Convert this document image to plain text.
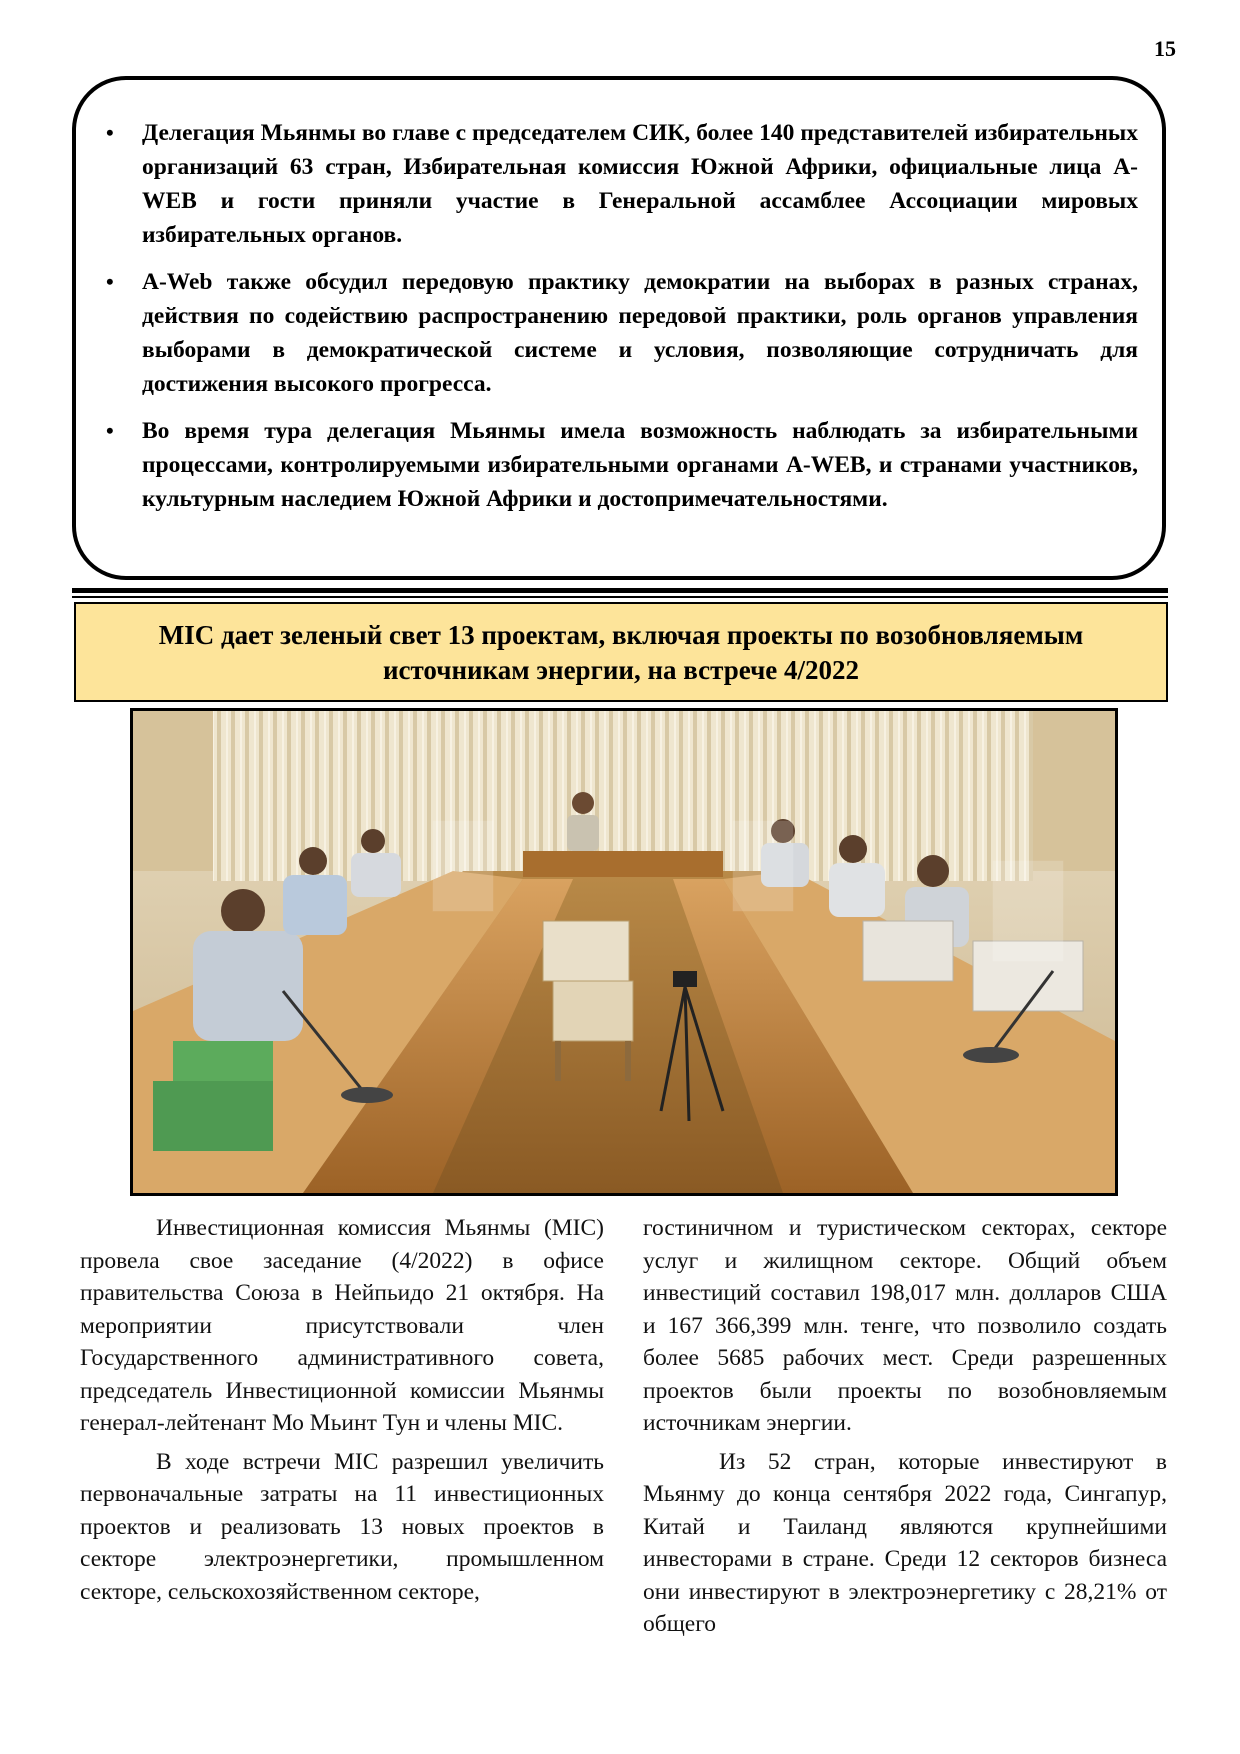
15
•	Делегация Мьянмы во главе с председателем СИК, более 140 представителей избирательных организаций 63 стран, Избирательная комиссия Южной Африки, официальные лица A-WEB и гости приняли участие в Генеральной ассамблее Ассоциации мировых избирательных органов.
•	A-Web также обсудил передовую практику демократии на выборах в разных странах, действия по содействию распространению передовой практики, роль органов управления выборами в демократической системе и условия, позволяющие сотрудничать для достижения высокого прогресса.
•	Во время тура делегация Мьянмы имела возможность наблюдать за избирательными процессами, контролируемыми избирательными органами A-WEB, и странами участников, культурным наследием Южной Африки и достопримечательностями.
MIC дает зеленый свет 13 проектам, включая проекты по возобновляемым
источникам энергии, на встрече 4/2022

Инвестиционная комиссия Мьянмы (MIC) провела свое заседание (4/2022) в офисе правительства Союза в Нейпьидо 21 октября. На мероприятии присутствовали член Государственного административного совета, председатель Инвестиционной комиссии Мьянмы генерал-лейтенант Мо Мьинт Тун и члены MIC.

В ходе встречи MIC разрешил увеличить первоначальные затраты на 11 инвестиционных проектов и реализовать 13 новых проектов в секторе электроэнергетики, промышленном секторе, сельскохозяйственном секторе,

гостиничном и туристическом секторах, секторе услуг и жилищном секторе. Общий объем инвестиций составил 198,017 млн. долларов США и 167 366,399 млн. тенге, что позволило создать более 5685 рабочих мест. Среди разрешенных проектов были проекты по возобновляемым источникам энергии.

Из 52 стран, которые инвестируют в Мьянму до конца сентября 2022 года, Сингапур, Китай и Таиланд являются крупнейшими инвесторами в стране. Среди 12 секторов бизнеса они инвестируют в электроэнергетику с 28,21% от общего
